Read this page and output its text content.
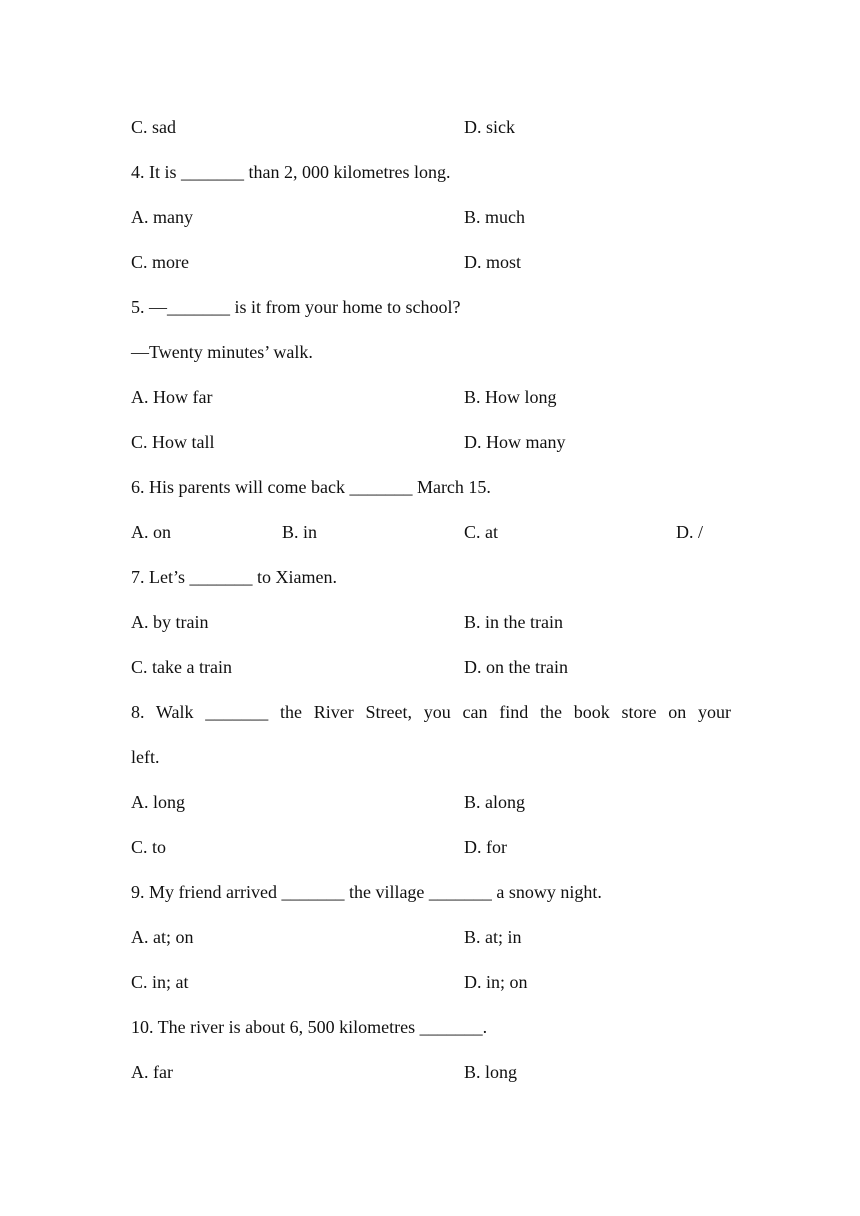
C. sad	D. sick
4. It is _______ than 2, 000 kilometres long.
A. many	B. much
C. more	D. most
5. —_______ is it from your home to school?
—Twenty minutes’ walk.
A. How far	B. How long
C. How tall	D. How many
6. His parents will come back _______ March 15.
A. on	B. in	C. at	D. /
7. Let’s _______ to Xiamen.
A. by train	B. in the train
C. take a train	D. on the train
8. Walk _______ the River Street, you can find the book store on your
left.
A. long	B. along
C. to	D. for
9. My friend arrived _______ the village _______ a snowy night.
A. at; on	B. at; in
C. in; at	D. in; on
10. The river is about 6, 500 kilometres _______.
A. far	B. long
